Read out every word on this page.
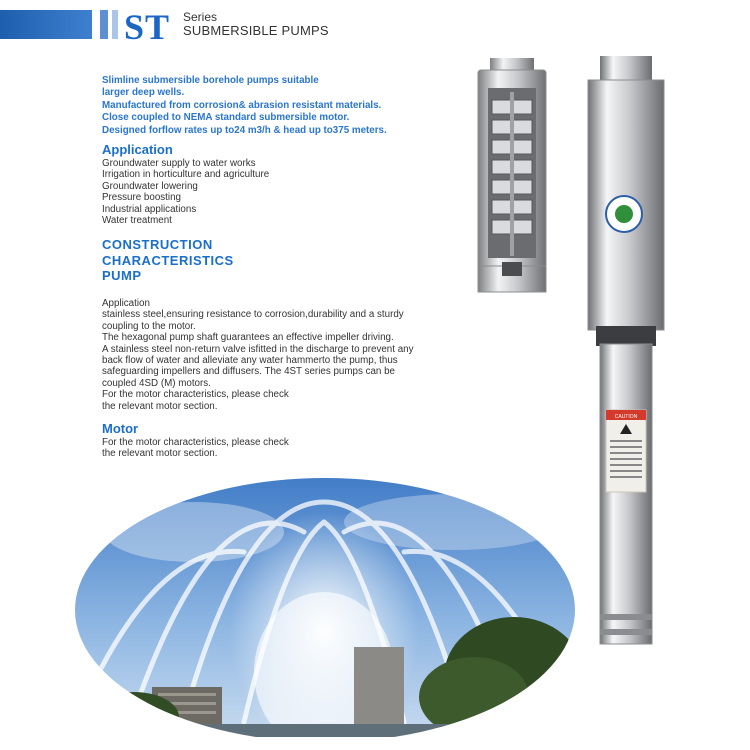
ST Series
SUBMERSIBLE PUMPS
Slimline submersible borehole pumps suitable
larger deep wells.
Manufactured from corrosion& abrasion resistant materials.
Close coupled to NEMA standard submersible motor.
Designed forflow rates up to24 m3/h & head up to375 meters.
Application
Groundwater supply to water works
Irrigation in horticulture and agriculture
Groundwater lowering
Pressure boosting
Industrial applications
Water treatment
CONSTRUCTION
CHARACTERISTICS
PUMP
Application
stainless steel,ensuring resistance to corrosion,durability and a sturdy
coupling to the motor.
The hexagonal pump shaft guarantees an effective impeller driving.
A stainless steel non-return valve isfitted in the discharge to prevent any
back flow of water and alleviate any water hammerto the pump, thus
safeguarding impellers and diffusers. The 4ST series pumps can be
coupled 4SD (M) motors.
For the motor characteristics, please check
the relevant motor section.
Motor
For the motor characteristics, please check
the relevant motor section.
CAUTION
